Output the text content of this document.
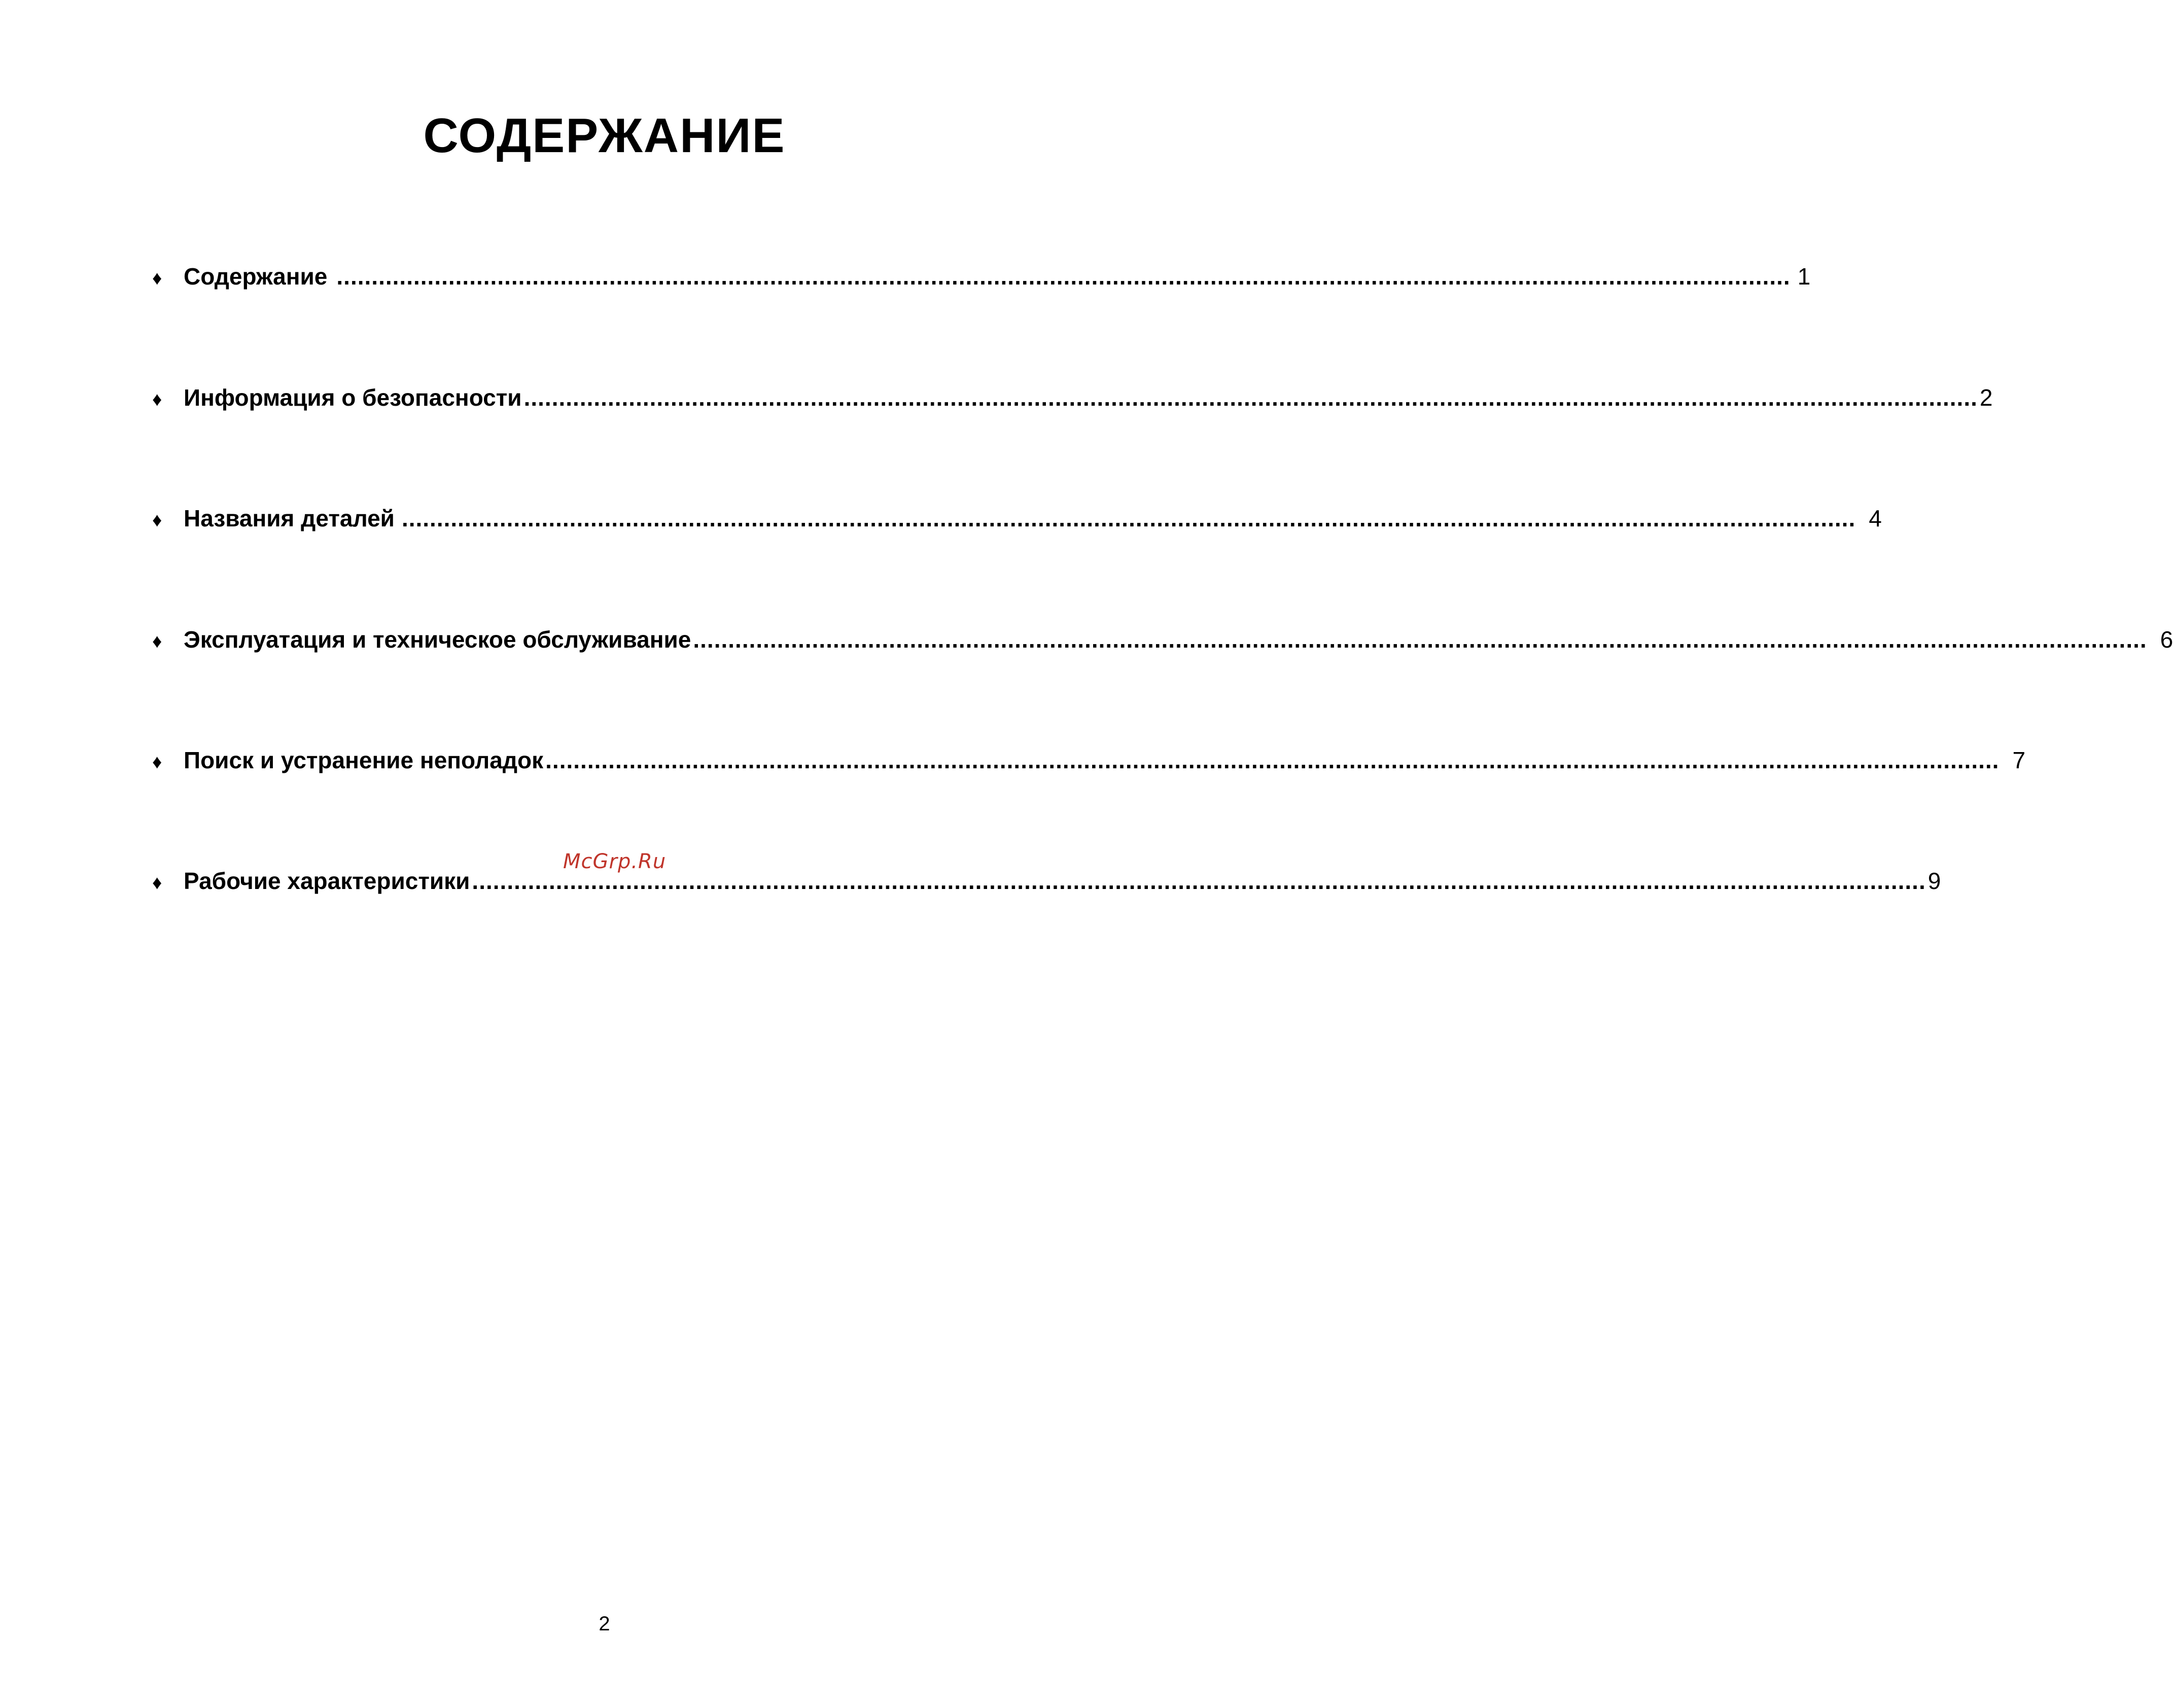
СОДЕРЖАНИЕ
♦ Содержание ................................................................................................................................................................................................................ 1
♦ Информация о безопасности ................................................................................................................................................................................................................ 2
♦ Названия деталей ................................................................................................................................................................................................................ 4
♦ Эксплуатация и техническое обслуживание ................................................................................................................................................................................................................ 6
♦ Поиск и устранение неполадок ................................................................................................................................................................................................................ 7
♦ Рабочие характеристики ................................................................................................................................................................................................................ 9
McGrp.Ru
2
